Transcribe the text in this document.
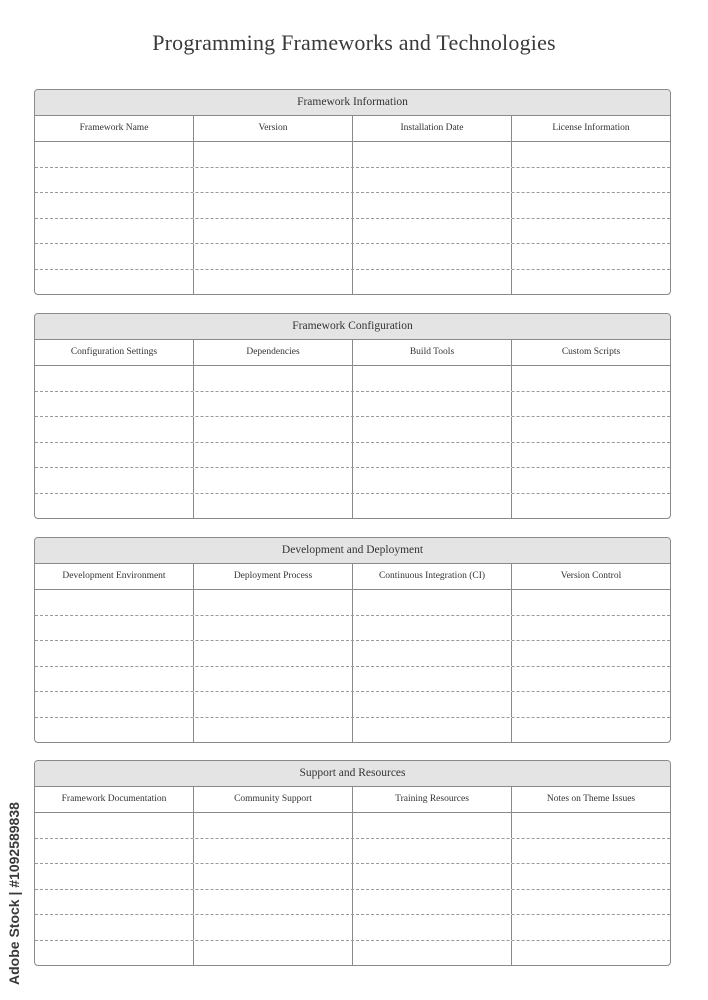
Programming Frameworks and Technologies
Framework Information
Framework Name	Version	Installation Date	License Information
Framework Configuration
Configuration Settings	Dependencies	Build Tools	Custom Scripts
Development and Deployment
Development Environment	Deployment Process	Continuous Integration (CI)	Version Control
Support and Resources
Framework Documentation	Community Support	Training Resources	Notes on Theme Issues
Adobe Stock | #1092589838
